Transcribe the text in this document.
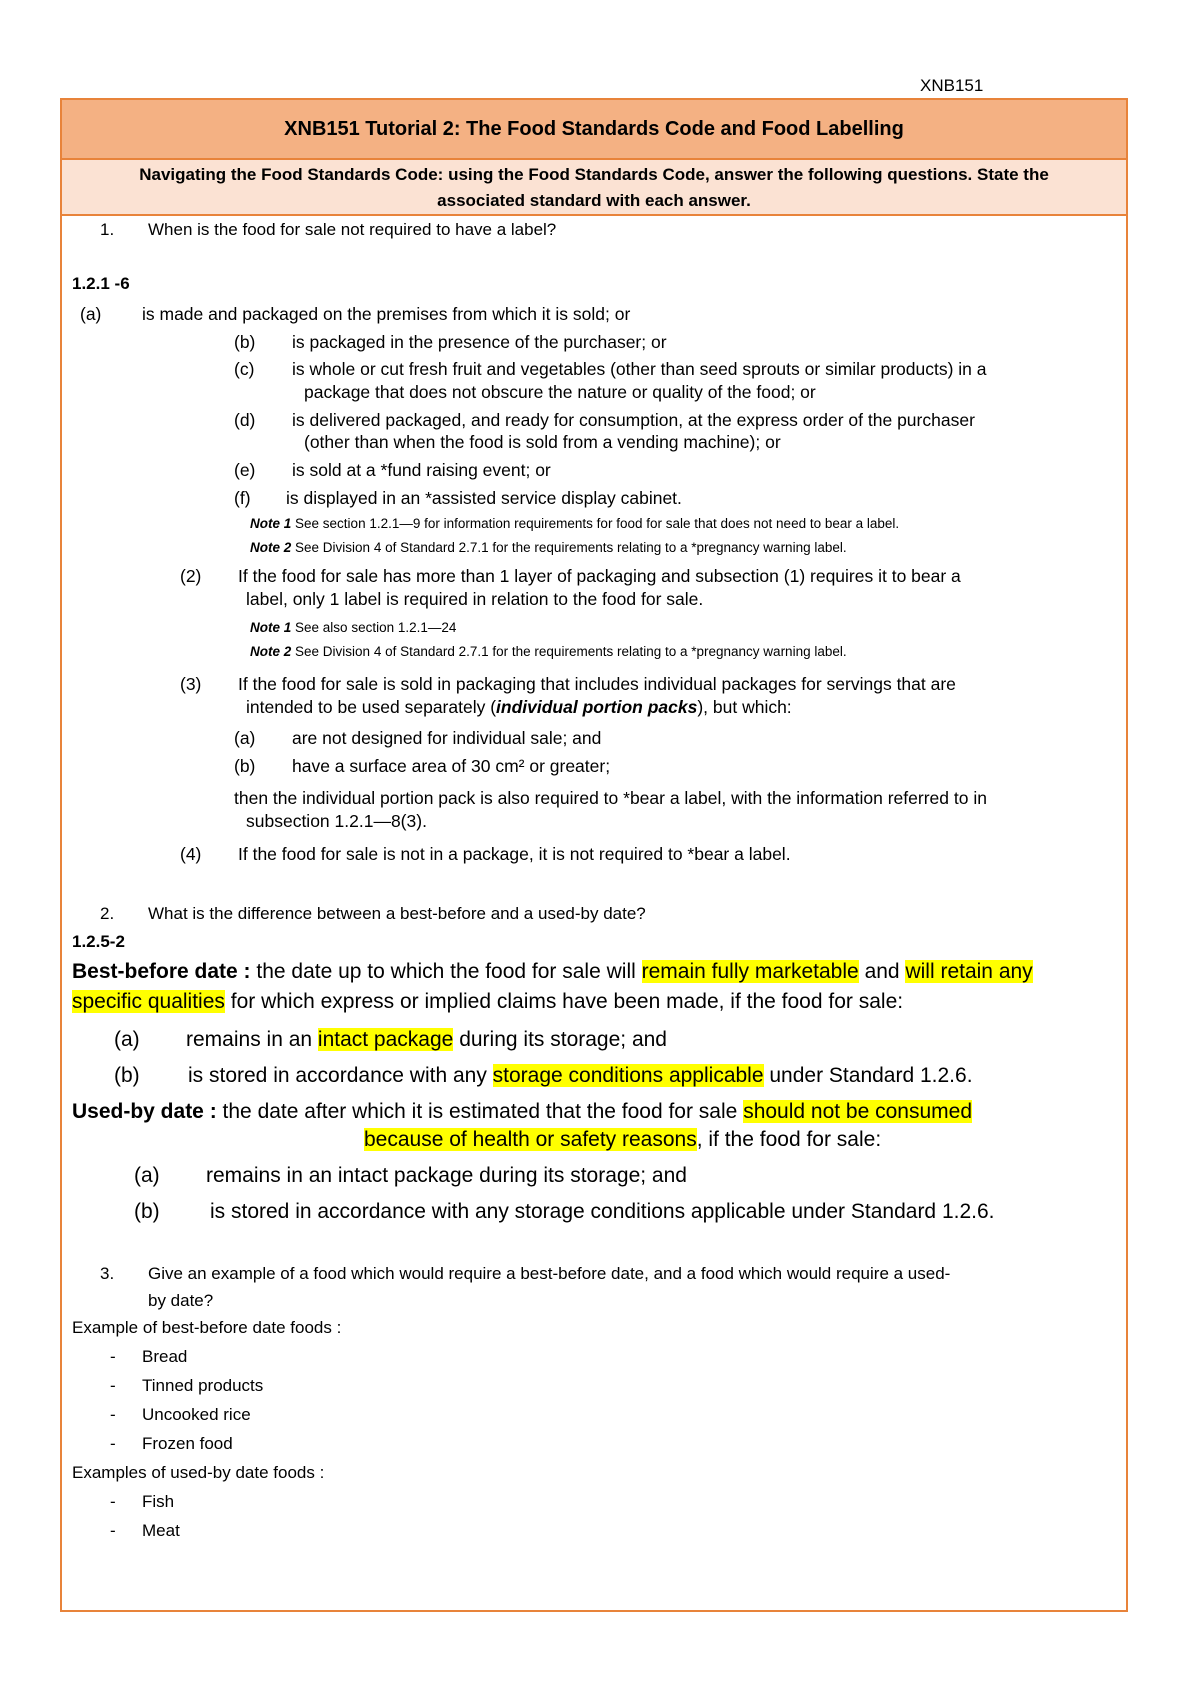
XNB151
XNB151 Tutorial 2: The Food Standards Code and Food Labelling
Navigating the Food Standards Code: using the Food Standards Code, answer the following questions. State the
associated standard with each answer.
1. When is the food for sale not required to have a label?
1.2.1 -6
(a) is made and packaged on the premises from which it is sold; or
(b) is packaged in the presence of the purchaser; or
(c) is whole or cut fresh fruit and vegetables (other than seed sprouts or similar products) in a
package that does not obscure the nature or quality of the food; or
(d) is delivered packaged, and ready for consumption, at the express order of the purchaser
(other than when the food is sold from a vending machine); or
(e) is sold at a *fund raising event; or
(f) is displayed in an *assisted service display cabinet.
Note 1 See section 1.2.1—9 for information requirements for food for sale that does not need to bear a label.
Note 2 See Division 4 of Standard 2.7.1 for the requirements relating to a *pregnancy warning label.
(2) If the food for sale has more than 1 layer of packaging and subsection (1) requires it to bear a
label, only 1 label is required in relation to the food for sale.
Note 1 See also section 1.2.1—24
Note 2 See Division 4 of Standard 2.7.1 for the requirements relating to a *pregnancy warning label.
(3) If the food for sale is sold in packaging that includes individual packages for servings that are
intended to be used separately (individual portion packs), but which:
(a) are not designed for individual sale; and
(b) have a surface area of 30 cm² or greater;
then the individual portion pack is also required to *bear a label, with the information referred to in
subsection 1.2.1—8(3).
(4) If the food for sale is not in a package, it is not required to *bear a label.
2. What is the difference between a best-before and a used-by date?
1.2.5-2
Best-before date : the date up to which the food for sale will remain fully marketable and will retain any
specific qualities for which express or implied claims have been made, if the food for sale:
(a) remains in an intact package during its storage; and
(b) is stored in accordance with any storage conditions applicable under Standard 1.2.6.
Used-by date : the date after which it is estimated that the food for sale should not be consumed
because of health or safety reasons, if the food for sale:
(a) remains in an intact package during its storage; and
(b) is stored in accordance with any storage conditions applicable under Standard 1.2.6.
3. Give an example of a food which would require a best-before date, and a food which would require a used-
by date?
Example of best-before date foods :
- Bread
- Tinned products
- Uncooked rice
- Frozen food
Examples of used-by date foods :
- Fish
- Meat
